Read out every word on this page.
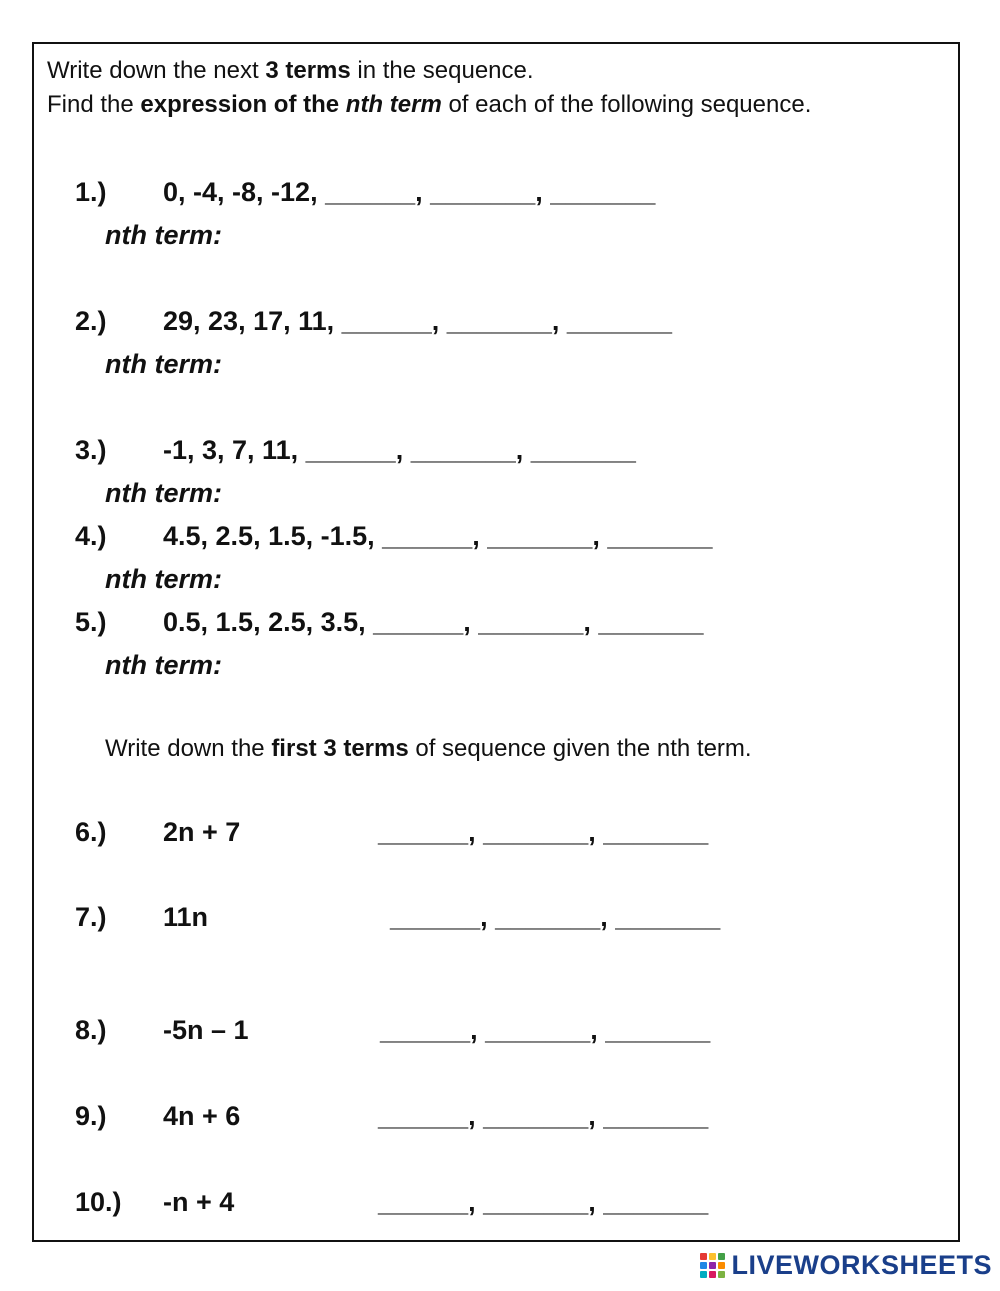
Write down the next 3 terms in the sequence.
Find the expression of the nth term of each of the following sequence.
1.) 0, -4, -8, -12, ______, _______, _______
nth term:
2.) 29, 23, 17, 11, ______, _______, _______
nth term:
3.) -1, 3, 7, 11, ______, _______, _______
nth term:
4.) 4.5, 2.5, 1.5, -1.5, ______, _______, _______
nth term:
5.) 0.5, 1.5, 2.5, 3.5, ______, _______, _______
nth term:
Write down the first 3 terms of sequence given the nth term.
6.) 2n + 7	______, _______, _______
7.) 11n	______, _______, _______
8.) -5n – 1	______, _______, _______
9.) 4n + 6	______, _______, _______
10.) -n + 4	______, _______, _______
LIVEWORKSHEETS
